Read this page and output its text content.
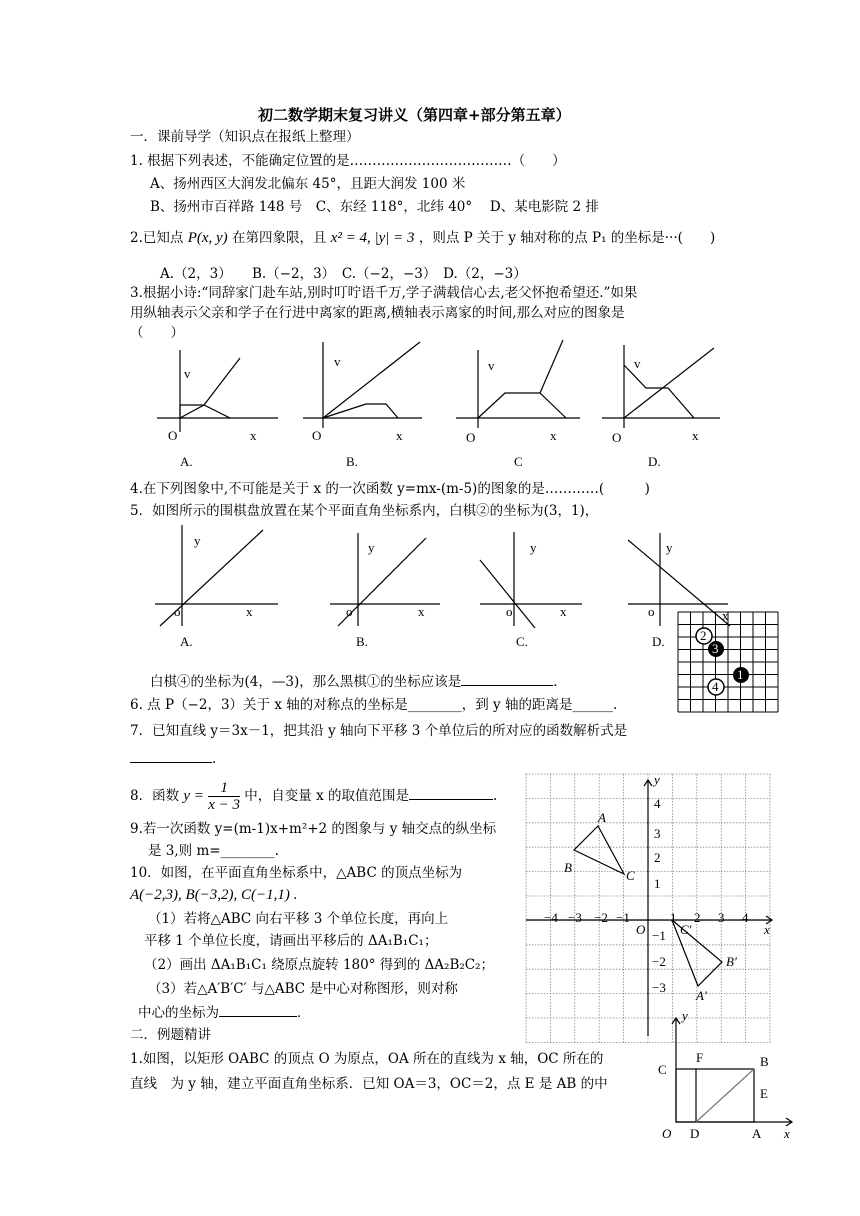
初二数学期末复习讲义（第四章+部分第五章）
一．课前导学（知识点在报纸上整理）
1. 根据下列表述，不能确定位置的是………………………………（　　）
A、扬州西区大润发北偏东 45°，且距大润发 100 米
B、扬州市百祥路 148 号　C、东经 118°，北纬 40°　 D、某电影院 2 排
2.已知点 P(x, y) 在第四象限，且 x² = 4, |y| = 3 ，则点 P 关于 y 轴对称的点 P₁ 的坐标是···(　　)
A.（2，3）　　B.（−2，3）　C.（−2，−3）　D.（2，−3）
3.根据小诗:“同辞家门赴车站,别时叮咛语千万,学子满载信心去,老父怀抱希望还.”如果
用纵轴表示父亲和学子在行进中离家的距离,横轴表示离家的时间,那么对应的图象是
（　　）
v
O	x
v
O	x
v
O	x
v
O	x
A.	B.	C	D.
y
o	x
y
o	x
y
o	x
y
o	x
A.	B.	C.	D.	2
3
1
4
y
x
O
4
3
2
1
−1
−2
−3
−4 −3 −2 −1	1 2 3 4
A
B
C
C′
B′
A′
y
x
O
C
F	B
E
D	A
4.在下列图象中,不可能是关于 x 的一次函数 y=mx-(m-5)的图象的是…………(　　　)
5．如图所示的围棋盘放置在某个平面直角坐标系内，白棋②的坐标为(3，1)，
白棋④的坐标为(4，—3)，那么黑棋①的坐标应该是	．
6. 点 P（−2，3）关于 x 轴的对称点的坐标是________，到 y 轴的距离是______.
7．已知直线 y＝3x－1，把其沿 y 轴向下平移 3 个单位后的所对应的函数解析式是
.
8．函数 $y = \frac{1}{x - 3}$ 中，自变量 x 的取值范围是	.
9.若一次函数 y=(m-1)x+m²+2 的图象与 y 轴交点的纵坐标
是 3,则 m=________.
10．如图，在平面直角坐标系中，△ABC 的顶点坐标为
A(−2,3), B(−3,2), C(−1,1) .
（1）若将△ABC 向右平移 3 个单位长度，再向上
平移 1 个单位长度，请画出平移后的 ΔA₁B₁C₁；
（2）画出 ΔA₁B₁C₁ 绕原点旋转 180° 得到的 ΔA₂B₂C₂；
（3）若△A′B′C′ 与△ABC 是中心对称图形，则对称
中心的坐标为	．
二．例题精讲
1.如图，以矩形 OABC 的顶点 O 为原点，OA 所在的直线为 x 轴，OC 所在的
直线　为 y 轴，建立平面直角坐标系．已知 OA＝3，OC＝2，点 E 是 AB 的中
